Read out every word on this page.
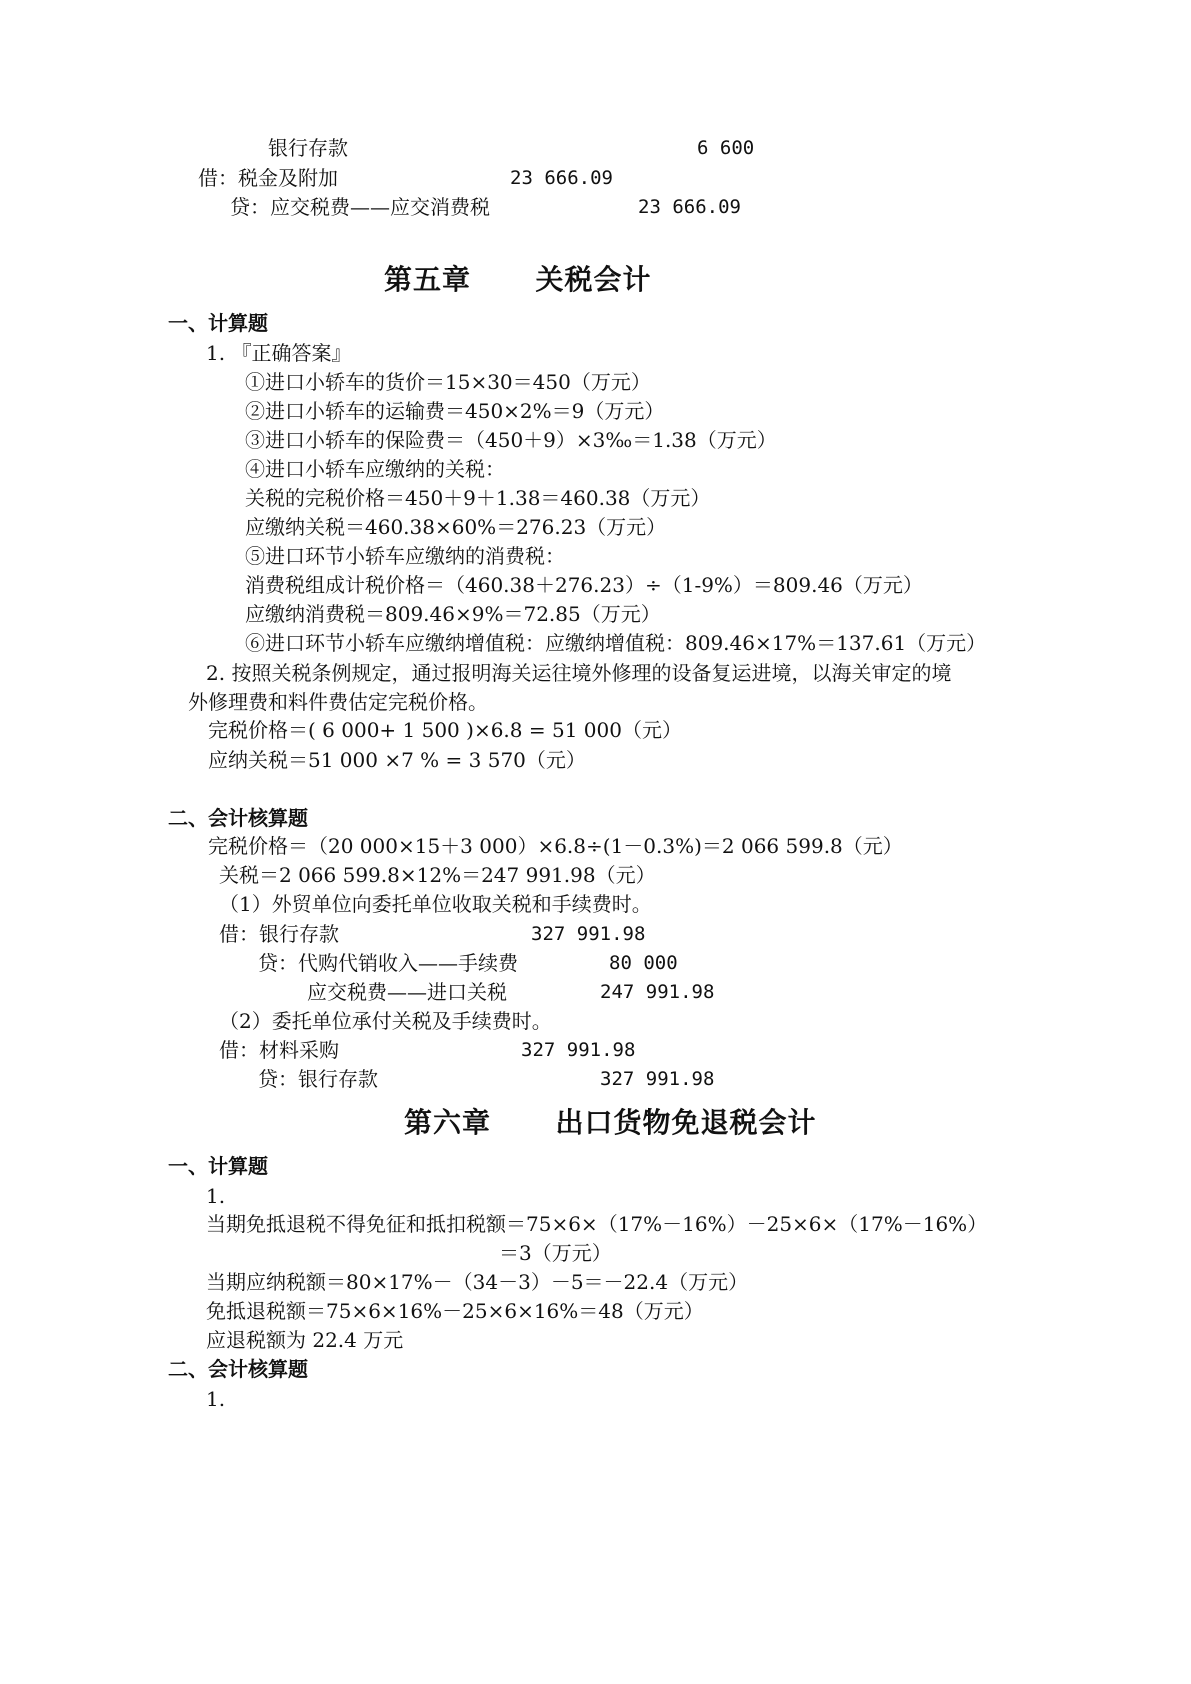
银行存款	6 600
借：税金及附加	23 666.09
贷：应交税费——应交消费税	23 666.09
第五章      关税会计
一、计算题
1. 『正确答案』
①进口小轿车的货价＝15×30＝450（万元）
②进口小轿车的运输费＝450×2%＝9（万元）
③进口小轿车的保险费＝（450＋9）×3‰＝1.38（万元）
④进口小轿车应缴纳的关税：
关税的完税价格＝450＋9＋1.38＝460.38（万元）
应缴纳关税＝460.38×60%＝276.23（万元）
⑤进口环节小轿车应缴纳的消费税：
消费税组成计税价格＝（460.38＋276.23）÷（1-9%）＝809.46（万元）
应缴纳消费税＝809.46×9%＝72.85（万元）
⑥进口环节小轿车应缴纳增值税：应缴纳增值税：809.46×17%＝137.61（万元）
2. 按照关税条例规定，通过报明海关运往境外修理的设备复运进境，以海关审定的境
外修理费和料件费估定完税价格。
完税价格＝( 6 000+ 1 500 )×6.8 = 51 000（元）
应纳关税＝51 000 ×7 % = 3 570（元）
二、会计核算题
完税价格＝（20 000×15＋3 000）×6.8÷(1－0.3%)＝2 066 599.8（元）
关税＝2 066 599.8×12%＝247 991.98（元）
（1）外贸单位向委托单位收取关税和手续费时。
借：银行存款	327 991.98
贷：代购代销收入——手续费	80 000
应交税费——进口关税	247 991.98
（2）委托单位承付关税及手续费时。
借：材料采购	327 991.98
贷：银行存款	327 991.98
第六章      出口货物免退税会计
一、计算题
1.
当期免抵退税不得免征和抵扣税额＝75×6×（17%－16%）－25×6×（17%－16%）
＝3（万元）
当期应纳税额＝80×17%－（34－3）－5＝－22.4（万元）
免抵退税额＝75×6×16%－25×6×16%＝48（万元）
应退税额为 22.4 万元
二、会计核算题
1.
